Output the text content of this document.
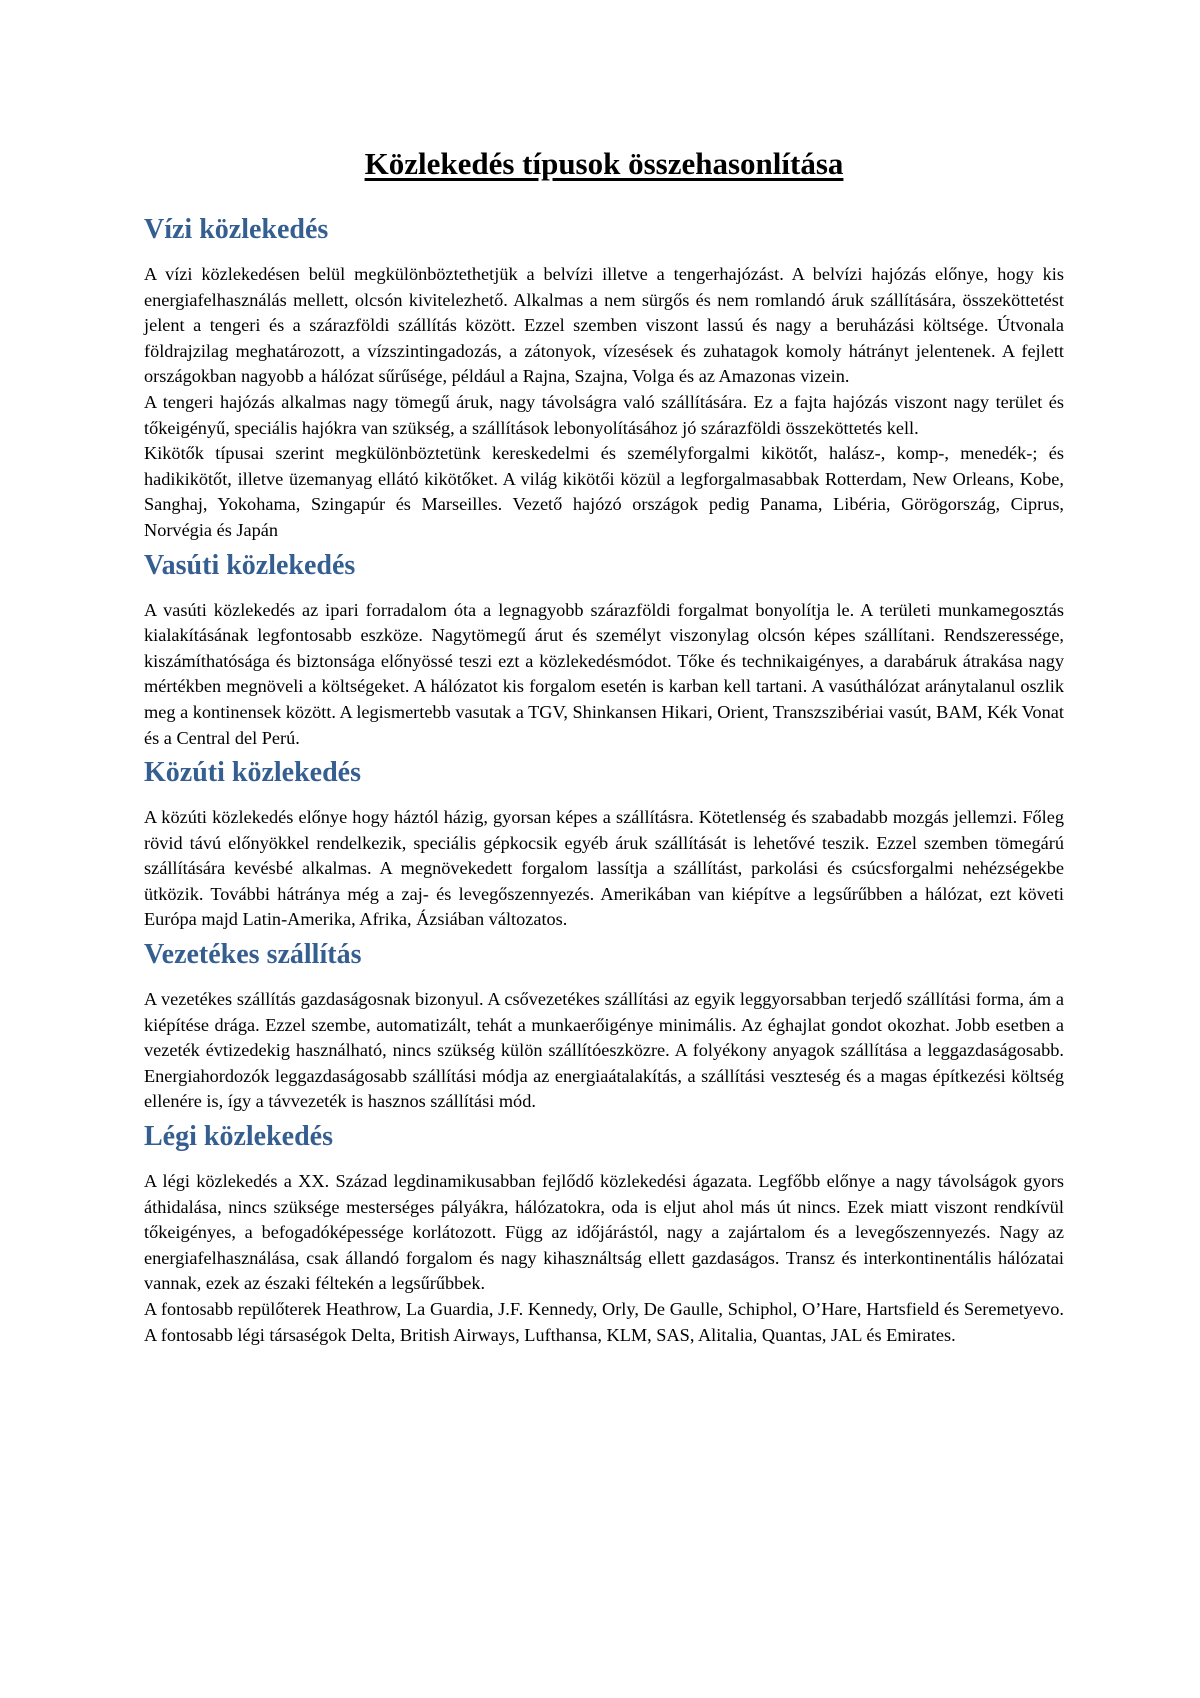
Közlekedés típusok összehasonlítása
Vízi közlekedés

A vízi közlekedésen belül megkülönböztethetjük a belvízi illetve a tengerhajózást. A belvízi hajózás előnye, hogy kis energiafelhasználás mellett, olcsón kivitelezhető. Alkalmas a nem sürgős és nem romlandó áruk szállítására, összeköttetést jelent a tengeri és a szárazföldi szállítás között. Ezzel szemben viszont lassú és nagy a beruházási költsége. Útvonala földrajzilag meghatározott, a vízszintingadozás, a zátonyok, vízesések és zuhatagok komoly hátrányt jelentenek. A fejlett országokban nagyobb a hálózat sűrűsége, például a Rajna, Szajna, Volga és az Amazonas vizein.

A tengeri hajózás alkalmas nagy tömegű áruk, nagy távolságra való szállítására. Ez a fajta hajózás viszont nagy terület és tőkeigényű, speciális hajókra van szükség, a szállítások lebonyolításához jó szárazföldi összeköttetés kell.

Kikötők típusai szerint megkülönböztetünk kereskedelmi és személyforgalmi kikötőt, halász-, komp-, menedék-; és hadikikötőt, illetve üzemanyag ellátó kikötőket. A világ kikötői közül a legforgalmasabbak Rotterdam, New Orleans, Kobe, Sanghaj, Yokohama, Szingapúr és Marseilles. Vezető hajózó országok pedig Panama, Libéria, Görögország, Ciprus, Norvégia és Japán

Vasúti közlekedés

A vasúti közlekedés az ipari forradalom óta a legnagyobb szárazföldi forgalmat bonyolítja le. A területi munkamegosztás kialakításának legfontosabb eszköze. Nagytömegű árut és személyt viszonylag olcsón képes szállítani. Rendszeressége, kiszámíthatósága és biztonsága előnyössé teszi ezt a közlekedésmódot. Tőke és technikaigényes, a darabáruk átrakása nagy mértékben megnöveli a költségeket. A hálózatot kis forgalom esetén is karban kell tartani. A vasúthálózat aránytalanul oszlik meg a kontinensek között. A legismertebb vasutak a TGV, Shinkansen Hikari, Orient, Transzszibériai vasút, BAM, Kék Vonat és a Central del Perú.

Közúti közlekedés

A közúti közlekedés előnye hogy háztól házig, gyorsan képes a szállításra. Kötetlenség és szabadabb mozgás jellemzi. Főleg rövid távú előnyökkel rendelkezik, speciális gépkocsik egyéb áruk szállítását is lehetővé teszik. Ezzel szemben tömegárú szállítására kevésbé alkalmas. A megnövekedett forgalom lassítja a szállítást, parkolási és csúcsforgalmi nehézségekbe ütközik. További hátránya még a zaj- és levegőszennyezés. Amerikában van kiépítve a legsűrűbben a hálózat, ezt követi Európa majd Latin-Amerika, Afrika, Ázsiában változatos.

Vezetékes szállítás

A vezetékes szállítás gazdaságosnak bizonyul. A csővezetékes szállítási az egyik leggyorsabban terjedő szállítási forma, ám a kiépítése drága. Ezzel szembe, automatizált, tehát a munkaerőigénye minimális. Az éghajlat gondot okozhat. Jobb esetben a vezeték évtizedekig használható, nincs szükség külön szállítóeszközre. A folyékony anyagok szállítása a leggazdaságosabb. Energiahordozók leggazdaságosabb szállítási módja az energiaátalakítás, a szállítási veszteség és a magas építkezési költség ellenére is, így a távvezeték is hasznos szállítási mód.

Légi közlekedés

A légi közlekedés a XX. Század legdinamikusabban fejlődő közlekedési ágazata. Legfőbb előnye a nagy távolságok gyors áthidalása, nincs szüksége mesterséges pályákra, hálózatokra, oda is eljut ahol más út nincs. Ezek miatt viszont rendkívül tőkeigényes, a befogadóképessége korlátozott. Függ az időjárástól, nagy a zajártalom és a levegőszennyezés. Nagy az energiafelhasználása, csak állandó forgalom és nagy kihasználtság ellett gazdaságos. Transz és interkontinentális hálózatai vannak, ezek az északi féltekén a legsűrűbbek.

A fontosabb repülőterek Heathrow, La Guardia, J.F. Kennedy, Orly, De Gaulle, Schiphol, O’Hare, Hartsfield és Seremetyevo. A fontosabb légi társaségok Delta, British Airways, Lufthansa, KLM, SAS, Alitalia, Quantas, JAL és Emirates.
